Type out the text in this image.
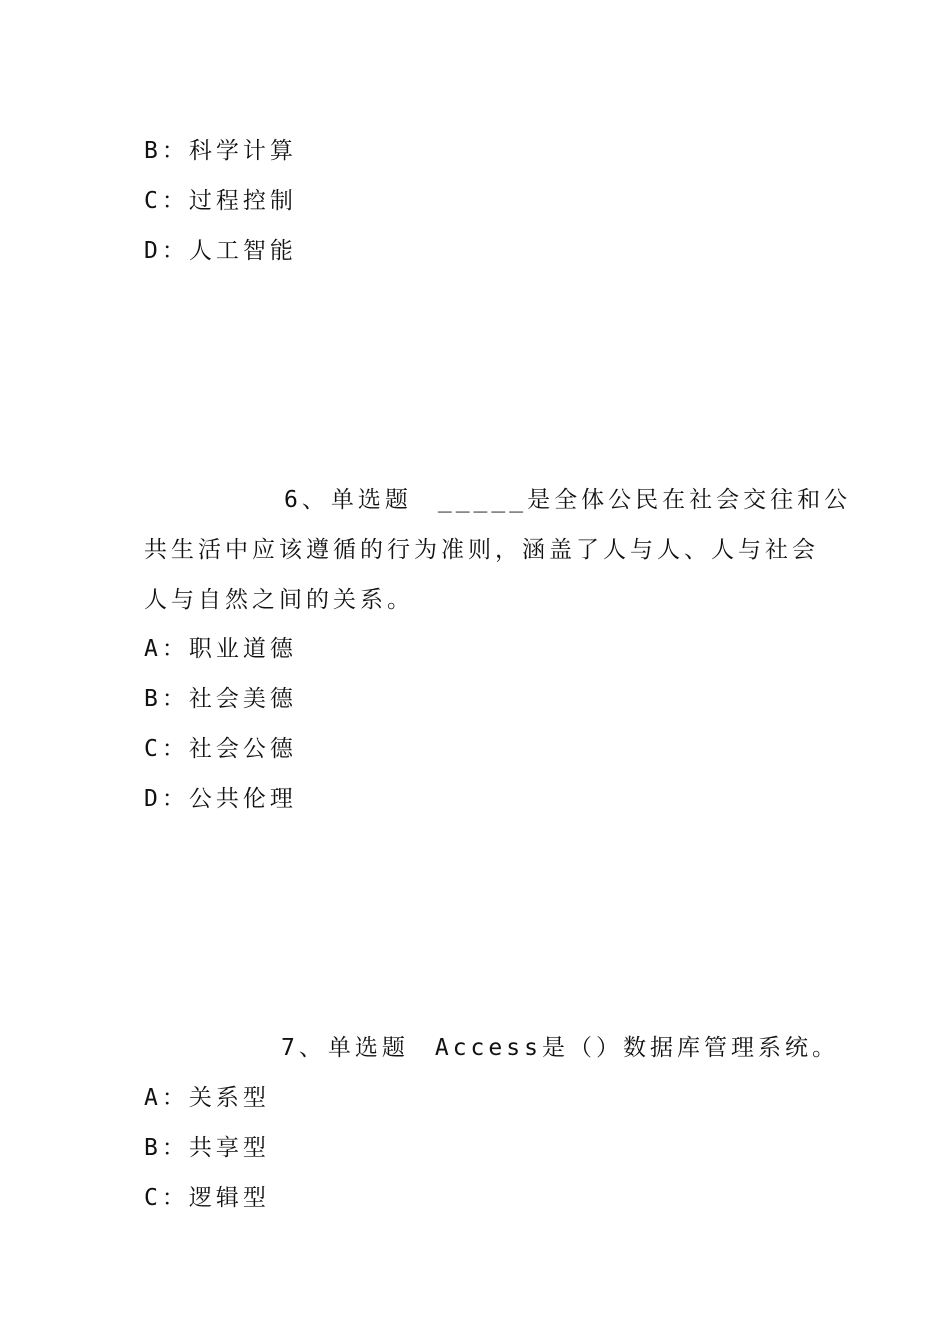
B：科学计算
C：过程控制
D：人工智能
6、单选题 _____是全体公民在社会交往和公
共生活中应该遵循的行为准则，涵盖了人与人、人与社会
人与自然之间的关系。
A：职业道德
B：社会美德
C：社会公德
D：公共伦理
7、单选题 Access是（）数据库管理系统。
A：关系型
B：共享型
C：逻辑型
